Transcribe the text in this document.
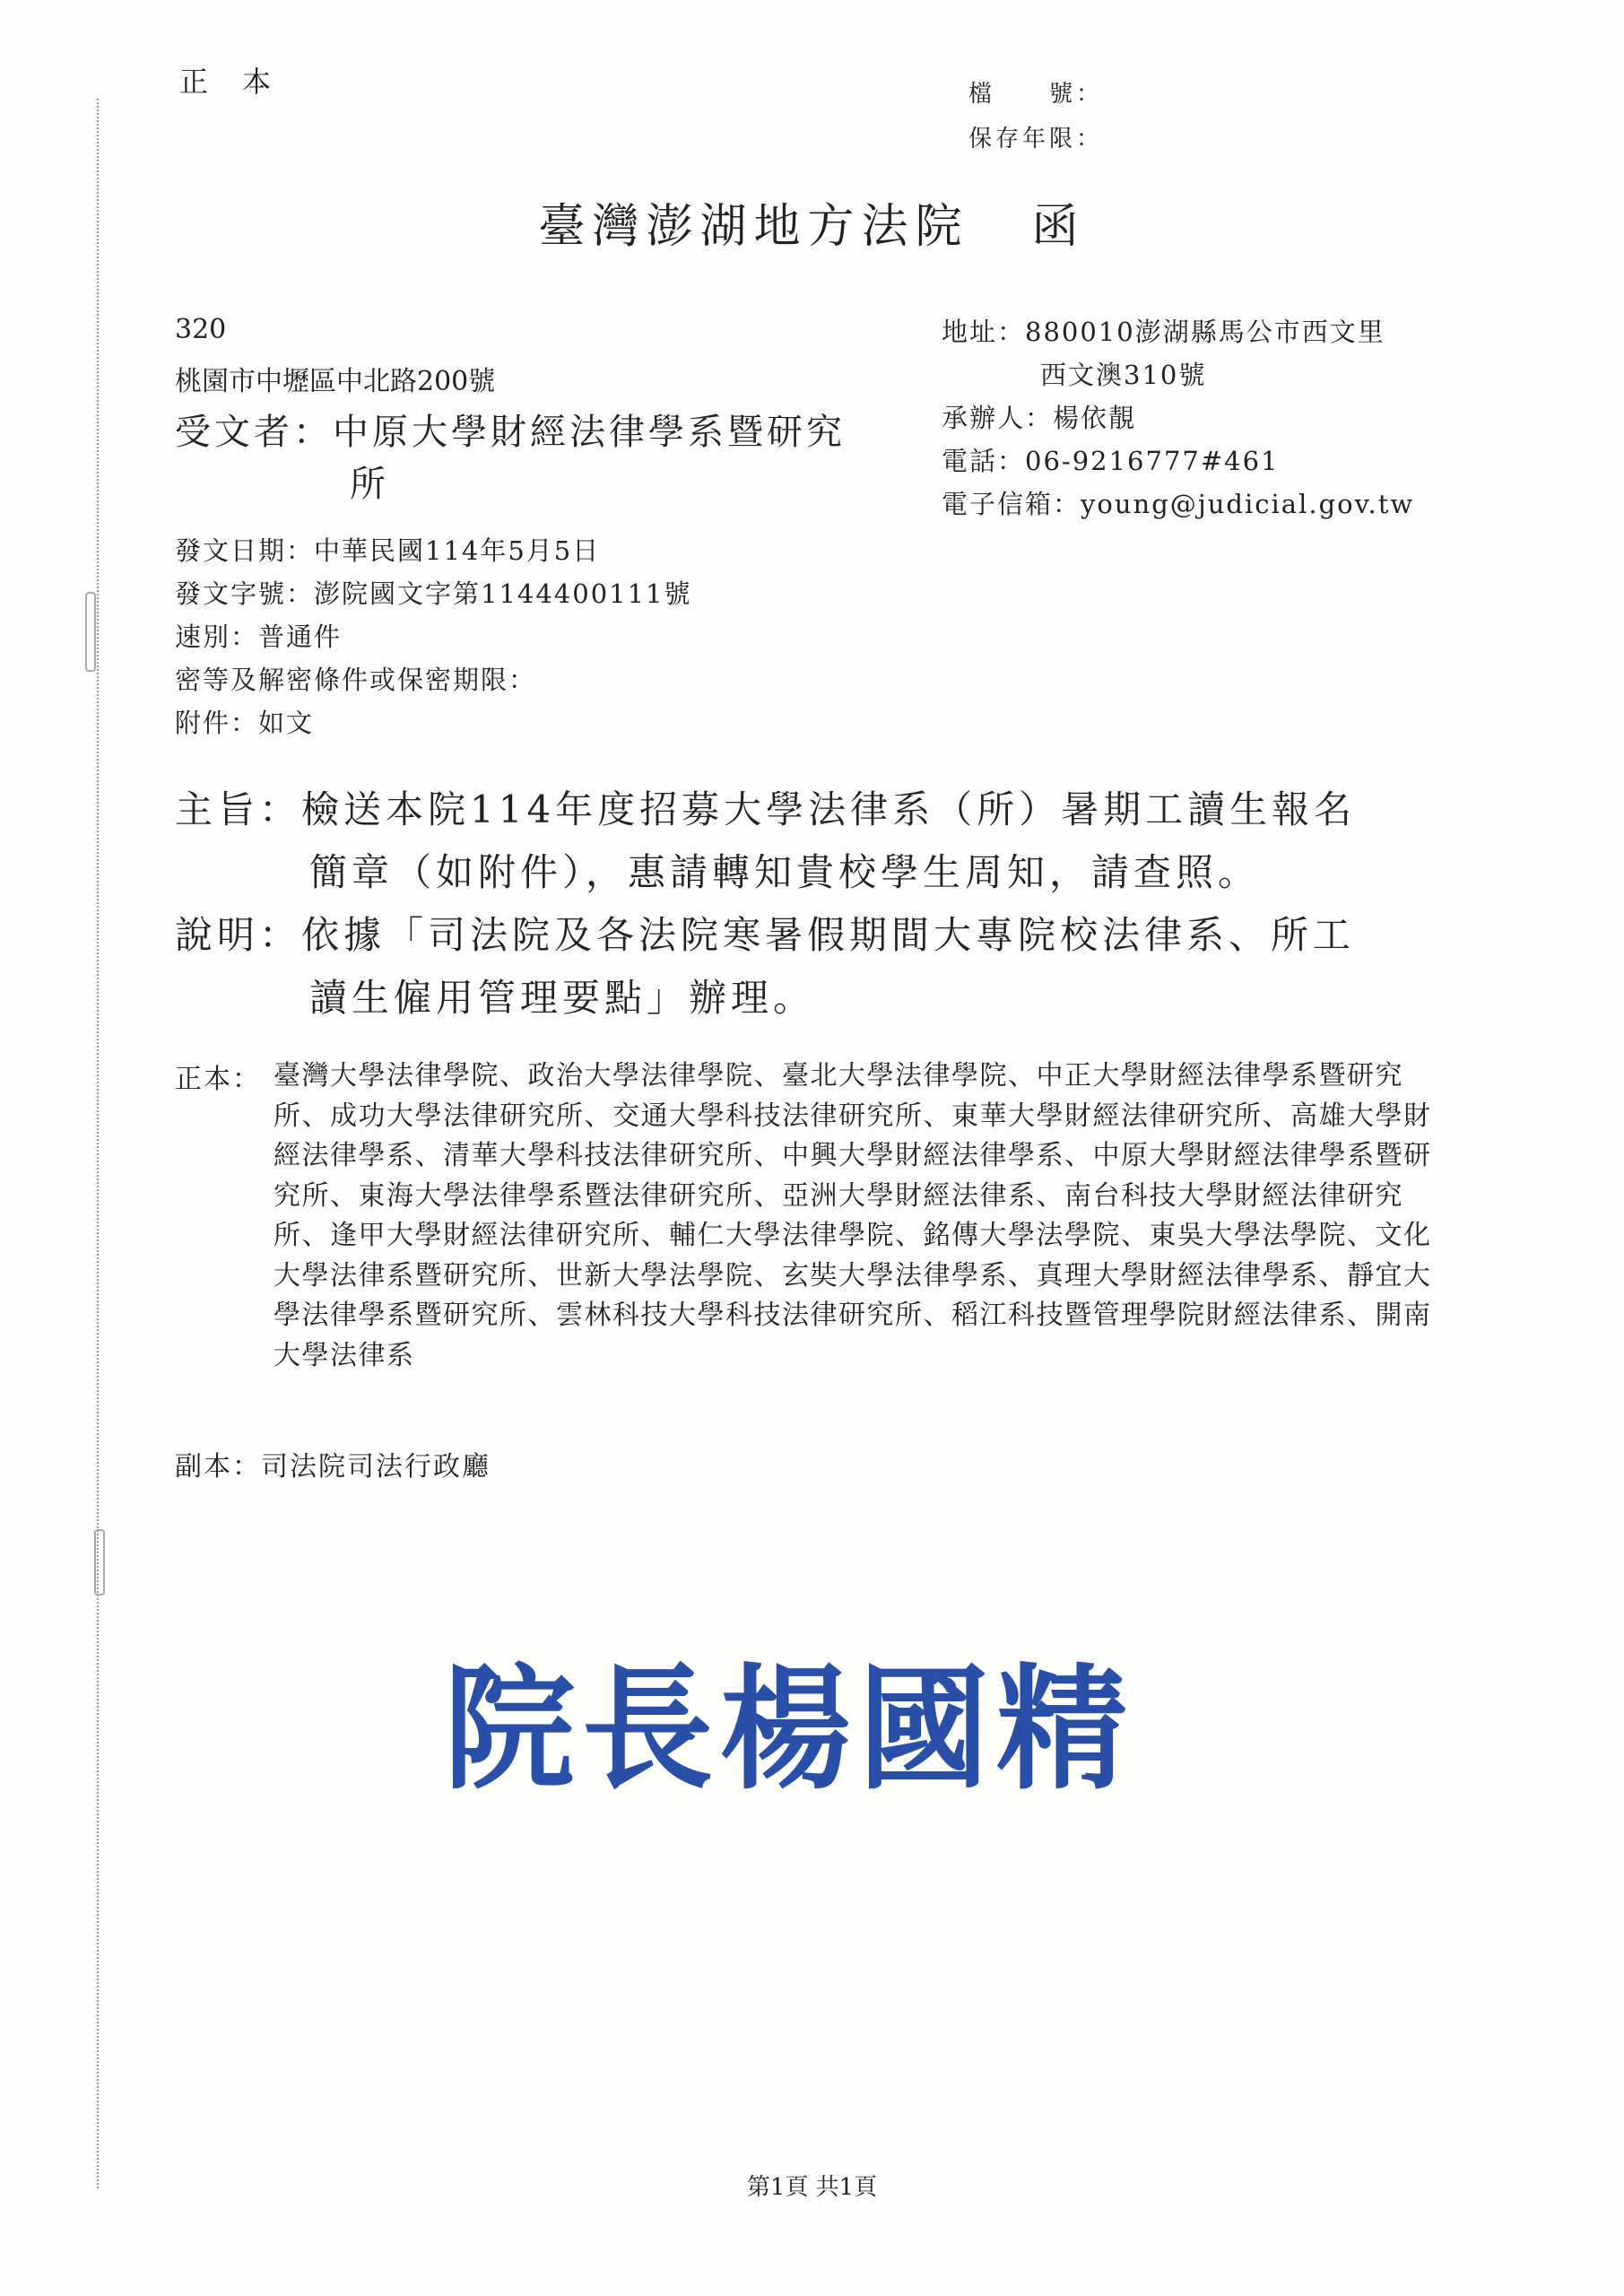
正 本	檔　　號：
保存年限：
臺灣澎湖地方法院 函
320
桃園市中壢區中北路200號
受文者：中原大學財經法律學系暨研究
所
地址：880010澎湖縣馬公市西文里
西文澳310號
承辦人：楊依靚
電話：06-9216777#461
電子信箱：young@judicial.gov.tw
發文日期：中華民國114年5月5日
發文字號：澎院國文字第1144400111號
速別：普通件
密等及解密條件或保密期限：
附件：如文
主旨：檢送本院114年度招募大學法律系（所）暑期工讀生報名
簡章（如附件），惠請轉知貴校學生周知，請查照。
說明：依據「司法院及各法院寒暑假期間大專院校法律系、所工
讀生僱用管理要點」辦理。
正本： 臺灣大學法律學院、政治大學法律學院、臺北大學法律學院、中正大學財經法律學系暨研究所、成功大學法律研究所、交通大學科技法律研究所、東華大學財經法律研究所、高雄大學財經法律學系、清華大學科技法律研究所、中興大學財經法律學系、中原大學財經法律學系暨研究所、東海大學法律學系暨法律研究所、亞洲大學財經法律系、南台科技大學財經法律研究所、逢甲大學財經法律研究所、輔仁大學法律學院、銘傳大學法學院、東吳大學法學院、文化大學法律系暨研究所、世新大學法學院、玄奘大學法律學系、真理大學財經法律學系、靜宜大學法律學系暨研究所、雲林科技大學科技法律研究所、稻江科技暨管理學院財經法律系、開南大學法律系
副本：司法院司法行政廳
院長楊國精
第1頁 共1頁
